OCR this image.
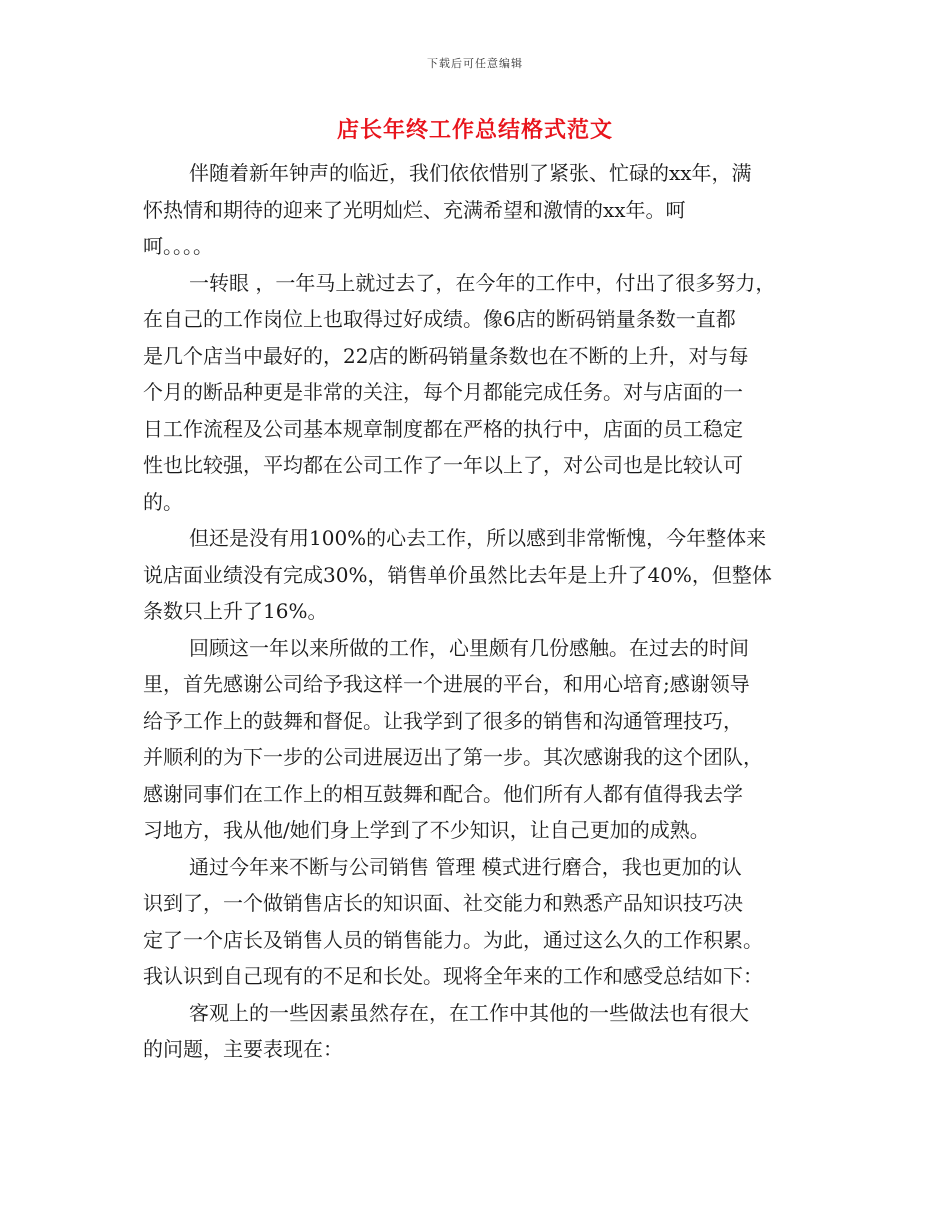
下载后可任意编辑
店长年终工作总结格式范文
伴随着新年钟声的临近，我们依依惜别了紧张、忙碌的xx年，满
怀热情和期待的迎来了光明灿烂、充满希望和激情的xx年。呵
呵。。。。
一转眼 ，一年马上就过去了，在今年的工作中，付出了很多努力，
在自己的工作岗位上也取得过好成绩。像6店的断码销量条数一直都
是几个店当中最好的，22店的断码销量条数也在不断的上升，对与每
个月的断品种更是非常的关注，每个月都能完成任务。对与店面的一
日工作流程及公司基本规章制度都在严格的执行中，店面的员工稳定
性也比较强，平均都在公司工作了一年以上了，对公司也是比较认可
的。
但还是没有用100%的心去工作，所以感到非常惭愧，今年整体来
说店面业绩没有完成30%，销售单价虽然比去年是上升了40%，但整体
条数只上升了16%。
回顾这一年以来所做的工作，心里颇有几份感触。在过去的时间
里，首先感谢公司给予我这样一个进展的平台，和用心培育;感谢领导
给予工作上的鼓舞和督促。让我学到了很多的销售和沟通管理技巧，
并顺利的为下一步的公司进展迈出了第一步。其次感谢我的这个团队，
感谢同事们在工作上的相互鼓舞和配合。他们所有人都有值得我去学
习地方，我从他/她们身上学到了不少知识，让自己更加的成熟。
通过今年来不断与公司销售 管理 模式进行磨合，我也更加的认
识到了，一个做销售店长的知识面、社交能力和熟悉产品知识技巧决
定了一个店长及销售人员的销售能力。为此，通过这么久的工作积累。
我认识到自己现有的不足和长处。现将全年来的工作和感受总结如下：
客观上的一些因素虽然存在，在工作中其他的一些做法也有很大
的问题，主要表现在：
